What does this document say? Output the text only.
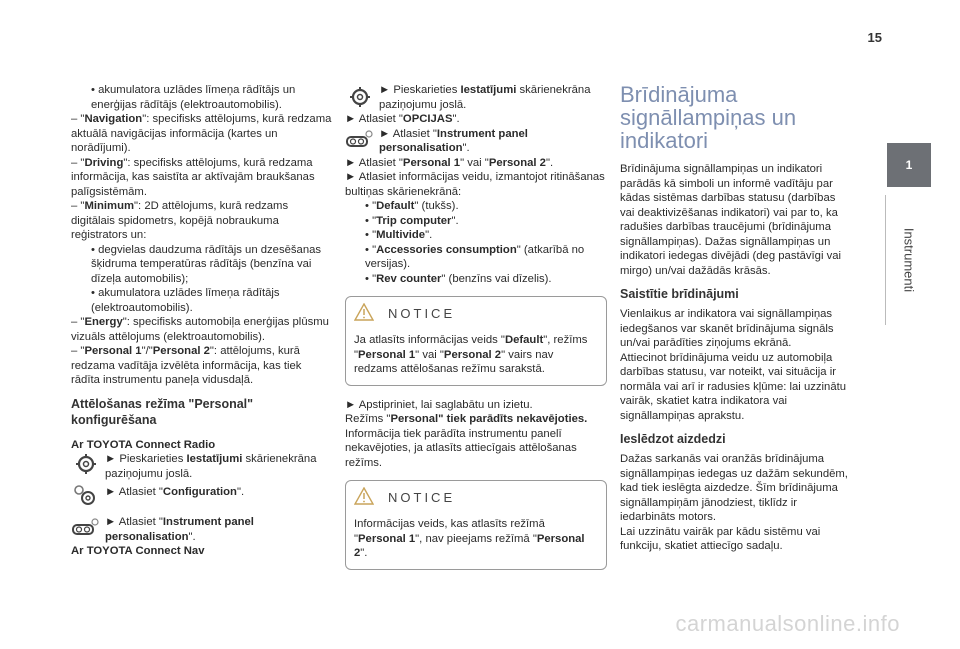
15

• akumulatora uzlādes līmeņa rādītājs un enerģijas rādītājs (elektroautomobilis).

– "Navigation": specifisks attēlojums, kurā redzama aktuālā navigācijas informācija (kartes un norādījumi).

– "Driving": specifisks attēlojums, kurā redzama informācija, kas saistīta ar aktīvajām braukšanas palīgsistēmām.

– "Minimum": 2D attēlojums, kurā redzams digitālais spidometrs, kopējā nobraukuma reģistrators un:

• degvielas daudzuma rādītājs un dzesēšanas šķidruma temperatūras rādītājs (benzīna vai dīzeļa automobilis);

• akumulatora uzlādes līmeņa rādītājs (elektroautomobilis).

– "Energy": specifisks automobiļa enerģijas plūsmu vizuāls attēlojums (elektroautomobilis).

– "Personal 1"/"Personal 2": attēlojums, kurā redzama vadītāja izvēlēta informācija, kas tiek rādīta instrumentu paneļa vidusdaļā.

Attēlošanas režīma "Personal" konfigurēšana

Ar TOYOTA Connect Radio

► Pieskarieties Iestatījumi skārienekrāna paziņojumu joslā.

► Atlasiet "Configuration".

► Atlasiet "Instrument panel personalisation".

Ar TOYOTA Connect Nav

► Pieskarieties Iestatījumi skārienekrāna paziņojumu joslā.

► Atlasiet "OPCIJAS".

► Atlasiet "Instrument panel personalisation".

► Atlasiet "Personal 1" vai "Personal 2".

► Atlasiet informācijas veidu, izmantojot ritināšanas bultiņas skārienekrānā:

• "Default" (tukšs).

• "Trip computer".

• "Multivide".

• "Accessories consumption" (atkarībā no versijas).

• "Rev counter" (benzīns vai dīzelis).

NOTICE

Ja atlasīts informācijas veids "Default", režīms "Personal 1" vai "Personal 2" vairs nav redzams attēlošanas režīmu sarakstā.

► Apstipriniet, lai saglabātu un izietu.

Režīms "Personal" tiek parādīts nekavējoties.

Informācija tiek parādīta instrumentu panelī nekavējoties, ja atlasīts attiecīgais attēlošanas režīms.

NOTICE

Informācijas veids, kas atlasīts režīmā "Personal 1", nav pieejams režīmā "Personal 2".

Brīdinājuma signāllampiņas un indikatori

Brīdinājuma signāllampiņas un indikatori parādās kā simboli un informē vadītāju par kādas sistēmas darbības statusu (darbības vai deaktivizēšanas indikatori) vai par to, ka radušies darbības traucējumi (brīdinājuma signāllampiņas). Dažas signāllampiņas un indikatori iedegas divējādi (deg pastāvīgi vai mirgo) un/vai dažādās krāsās.

Saistītie brīdinājumi

Vienlaikus ar indikatora vai signāllampiņas iedegšanos var skanēt brīdinājuma signāls un/vai parādīties ziņojums ekrānā.

Attiecinot brīdinājuma veidu uz automobiļa darbības statusu, var noteikt, vai situācija ir normāla vai arī ir radusies kļūme: lai uzzinātu vairāk, skatiet katra indikatora vai signāllampiņas aprakstu.

Ieslēdzot aizdedzi

Dažas sarkanās vai oranžās brīdinājuma signāllampiņas iedegas uz dažām sekundēm, kad tiek ieslēgta aizdedze. Šīm brīdinājuma signāllampiņām jānodziest, tiklīdz ir iedarbināts motors.

Lai uzzinātu vairāk par kādu sistēmu vai funkciju, skatiet attiecīgo sadaļu.

1
Instrumenti
carmanualsonline.info
